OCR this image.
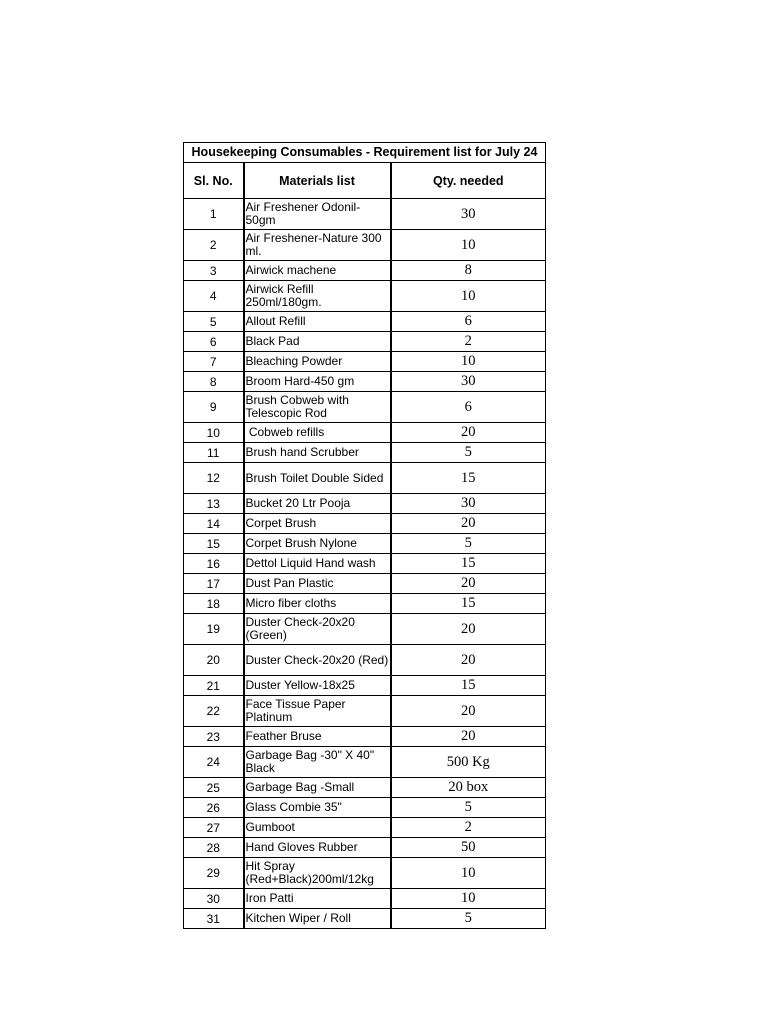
Housekeeping Consumables - Requirement list for July 24		
Sl. No.	Materials list	Qty. needed
1	Air Freshener Odonil-50gm	30
2	Air Freshener-Nature 300 ml.	10
3	Airwick machene	8
4	Airwick Refill 250ml/180gm.	10
5	Allout Refill	6
6	Black Pad	2
7	Bleaching Powder	10
8	Broom Hard-450 gm	30
9	Brush Cobweb with Telescopic Rod	6
10	Cobweb refills	20
11	Brush hand Scrubber	5
12	Brush Toilet Double Sided	15
13	Bucket 20 Ltr Pooja	30
14	Corpet Brush	20
15	Corpet Brush Nylone	5
16	Dettol Liquid Hand wash	15
17	Dust Pan Plastic	20
18	Micro fiber cloths	15
19	Duster Check-20x20 (Green)	20
20	Duster Check-20x20 (Red)	20
21	Duster Yellow-18x25	15
22	Face Tissue Paper Platinum	20
23	Feather Bruse	20
24	Garbage Bag -30" X 40" Black	500 Kg
25	Garbage Bag -Small	20 box
26	Glass Combie 35"	5
27	Gumboot	2
28	Hand Gloves Rubber	50
29	Hit Spray (Red+Black)200ml/12kg	10
30	Iron Patti	10
31	Kitchen Wiper / Roll	5
